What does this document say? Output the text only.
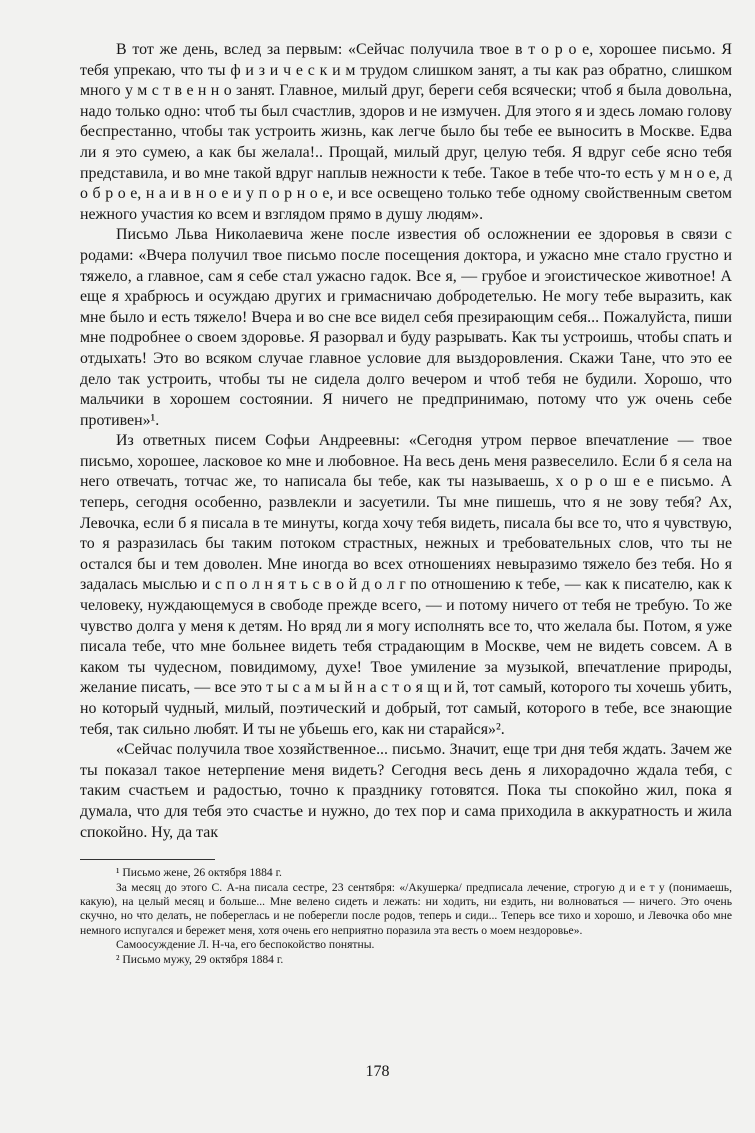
В тот же день, вслед за первым: «Сейчас получила твое в т о р о е, хорошее письмо. Я тебя упрекаю, что ты ф и з и ч е с к и м трудом слишком занят, а ты как раз обратно, слишком много у м с т в е н н о занят. Главное, милый друг, береги себя всячески; чтоб я была довольна, надо только одно: чтоб ты был счастлив, здоров и не измучен. Для этого я и здесь ломаю голову беспрестанно, чтобы так устроить жизнь, как легче было бы тебе ее выносить в Москве. Едва ли я это сумею, а как бы желала!.. Прощай, милый друг, целую тебя. Я вдруг себе ясно тебя представила, и во мне такой вдруг наплыв нежности к тебе. Такое в тебе что-то есть у м н о е, д о б р о е, н а и в н о е и у п о р н о е, и все освещено только тебе одному свойственным светом нежного участия ко всем и взглядом прямо в душу людям».

Письмо Льва Николаевича жене после известия об осложнении ее здоровья в связи с родами: «Вчера получил твое письмо после посещения доктора, и ужасно мне стало грустно и тяжело, а главное, сам я себе стал ужасно гадок. Все я, — грубое и эгоистическое животное! А еще я храбрюсь и осуждаю других и гримасничаю добродетелью. Не могу тебе выразить, как мне было и есть тяжело! Вчера и во сне все видел себя презирающим себя... Пожалуйста, пиши мне подробнее о своем здоровье. Я разорвал и буду разрывать. Как ты устроишь, чтобы спать и отдыхать! Это во всяком случае главное условие для выздоровления. Скажи Тане, что это ее дело так устроить, чтобы ты не сидела долго вечером и чтоб тебя не будили. Хорошо, что мальчики в хорошем состоянии. Я ничего не предпринимаю, потому что уж очень себе противен»¹.

Из ответных писем Софьи Андреевны: «Сегодня утром первое впечатление — твое письмо, хорошее, ласковое ко мне и любовное. На весь день меня развеселило. Если б я села на него отвечать, тотчас же, то написала бы тебе, как ты называешь, х о р о ш е е письмо. А теперь, сегодня особенно, развлекли и засуетили. Ты мне пишешь, что я не зову тебя? Ах, Левочка, если б я писала в те минуты, когда хочу тебя видеть, писала бы все то, что я чувствую, то я разразилась бы таким потоком страстных, нежных и требовательных слов, что ты не остался бы и тем доволен. Мне иногда во всех отношениях невыразимо тяжело без тебя. Но я задалась мыслью и с п о л н я т ь с в о й д о л г по отношению к тебе, — как к писателю, как к человеку, нуждающемуся в свободе прежде всего, — и потому ничего от тебя не требую. То же чувство долга у меня к детям. Но вряд ли я могу исполнять все то, что желала бы. Потом, я уже писала тебе, что мне больнее видеть тебя страдающим в Москве, чем не видеть совсем. А в каком ты чудесном, повидимому, духе! Твое умиление за музыкой, впечатление природы, желание писать, — все это т ы с а м ы й н а с т о я щ и й, тот самый, которого ты хочешь убить, но который чудный, милый, поэтический и добрый, тот самый, которого в тебе, все знающие тебя, так сильно любят. И ты не убьешь его, как ни старайся»².

«Сейчас получила твое хозяйственное... письмо. Значит, еще три дня тебя ждать. Зачем же ты показал такое нетерпение меня видеть? Сегодня весь день я лихорадочно ждала тебя, с таким счастьем и радостью, точно к празднику готовятся. Пока ты спокойно жил, пока я думала, что для тебя это счастье и нужно, до тех пор и сама приходила в аккуратность и жила спокойно. Ну, да так

¹ Письмо жене, 26 октября 1884 г.

За месяц до этого С. А-на писала сестре, 23 сентября: «/Акушерка/ предписала лечение, строгую д и е т у (понимаешь, какую), на целый месяц и больше... Мне велено сидеть и лежать: ни ходить, ни ездить, ни волноваться — ничего. Это очень скучно, но что делать, не поберeглась и не поберегли после родов, теперь и сиди... Теперь все тихо и хорошо, и Левочка обо мне немного испугался и бережет меня, хотя очень его неприятно поразила эта весть о моем нездоровье».

Самоосуждение Л. Н-ча, его беспокойство понятны.

² Письмо мужу, 29 октября 1884 г.

178
